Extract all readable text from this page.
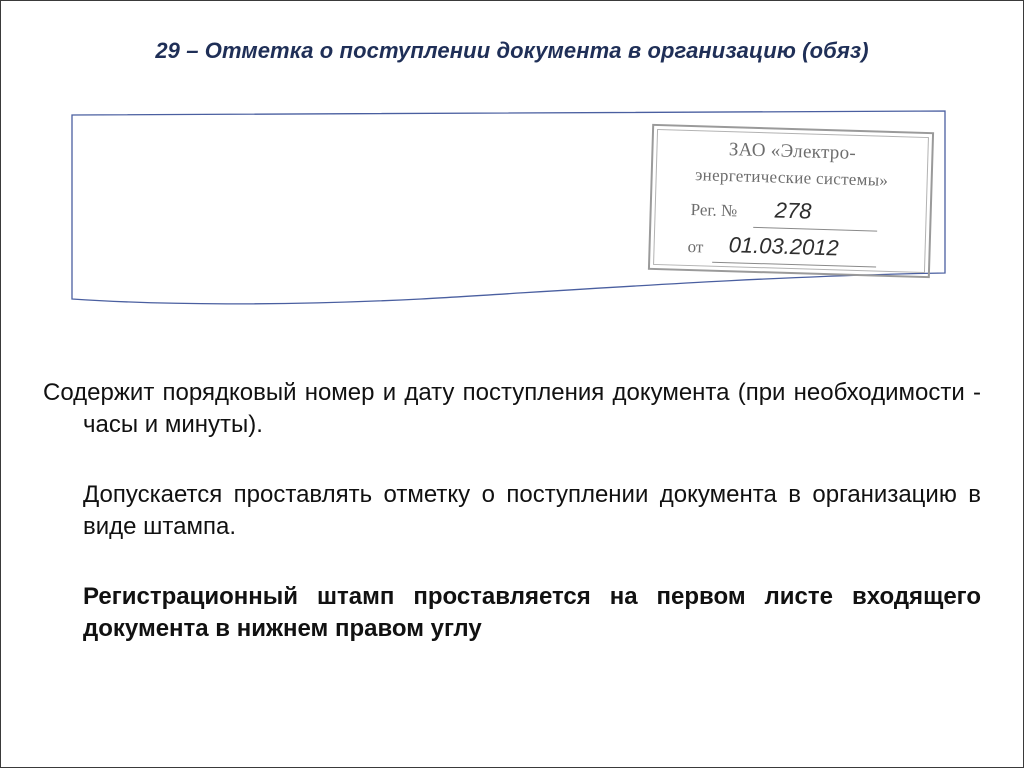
29 – Отметка о поступлении документа в организацию (обяз)
ЗАО «Электро-
энергетические системы»
Рег. № 278
от 01.03.2012
Содержит порядковый номер и дату поступления документа (при необходимости - часы и минуты).
Допускается проставлять отметку о поступлении документа в организацию в виде штампа.
Регистрационный штамп проставляется на первом листе входящего документа в нижнем правом углу
